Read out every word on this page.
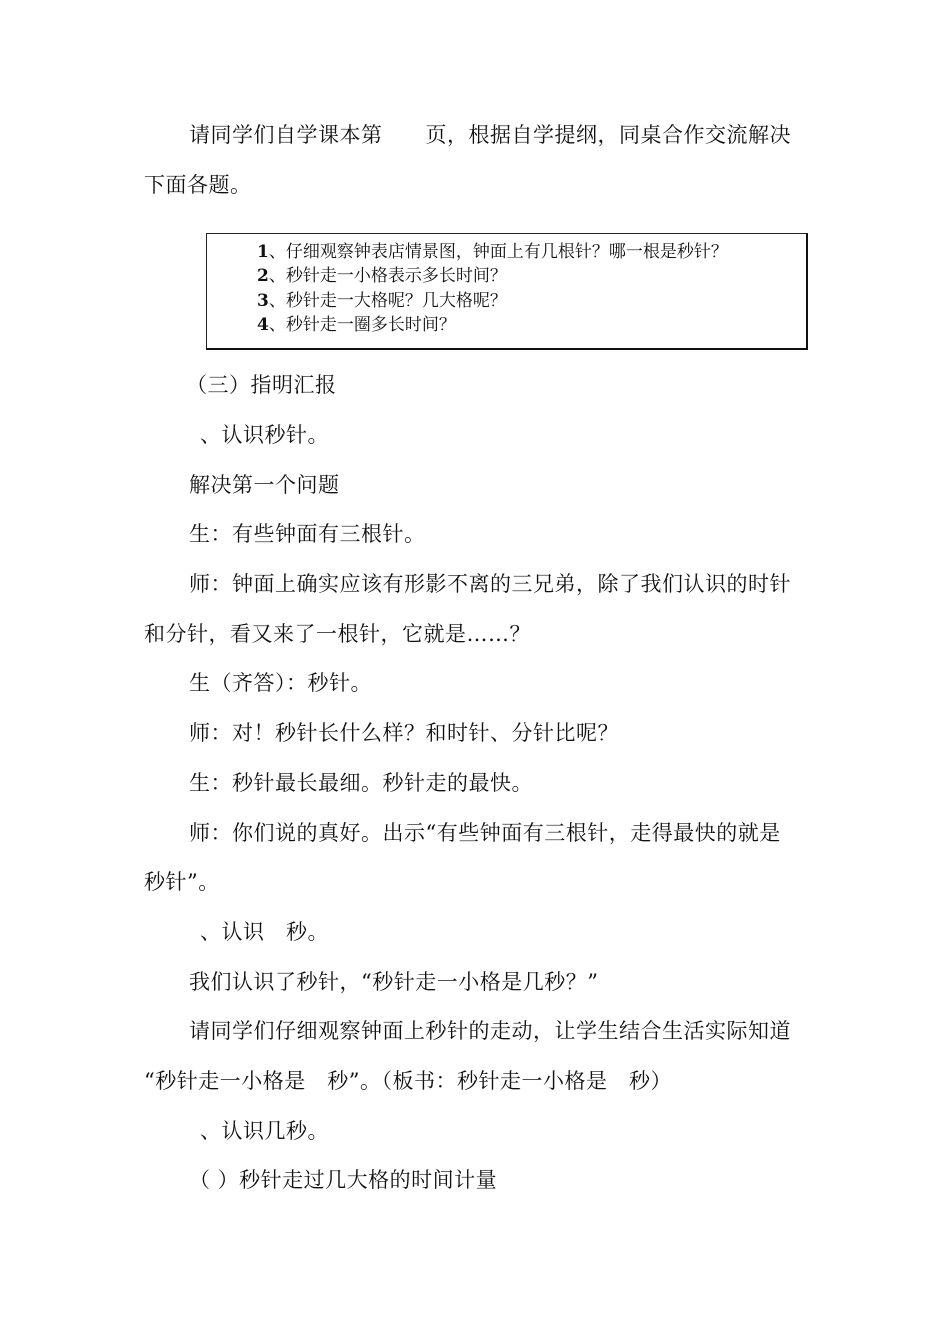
请同学们自学课本第　　页，根据自学提纲，同桌合作交流解决
下面各题。
1、仔细观察钟表店情景图，钟面上有几根针？哪一根是秒针？
2、秒针走一小格表示多长时间？
3、秒针走一大格呢？几大格呢？
4、秒针走一圈多长时间？
（三）指明汇报
、认识秒针。
解决第一个问题
生：有些钟面有三根针。
师：钟面上确实应该有形影不离的三兄弟，除了我们认识的时针
和分针，看又来了一根针，它就是……？
生（齐答）：秒针。
师：对！秒针长什么样？和时针、分针比呢？
生：秒针最长最细。秒针走的最快。
师：你们说的真好。出示“有些钟面有三根针，走得最快的就是
秒针”。
、认识　秒。
我们认识了秒针，“秒针走一小格是几秒？”
请同学们仔细观察钟面上秒针的走动，让学生结合生活实际知道
“秒针走一小格是　秒”。（板书：秒针走一小格是　秒）
、认识几秒。
（ ）秒针走过几大格的时间计量
